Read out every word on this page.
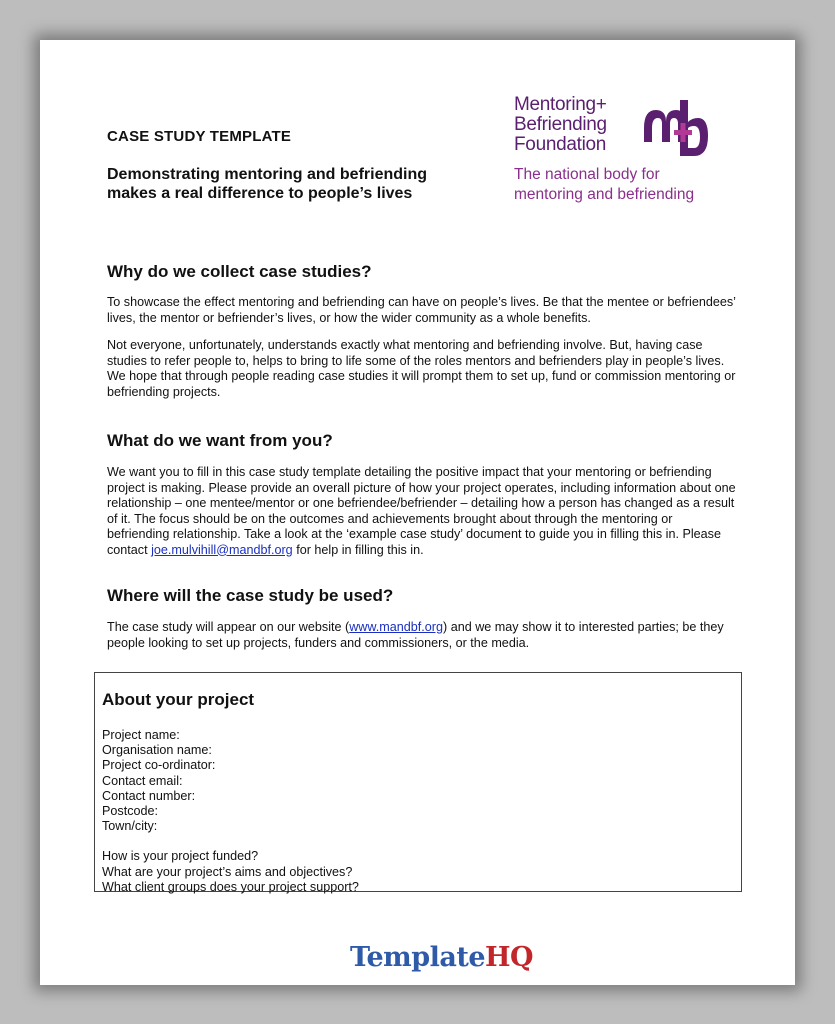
CASE STUDY TEMPLATE
Demonstrating mentoring and befriending makes a real difference to people’s lives
Mentoring+
Befriending
Foundation
The national body for
mentoring and befriending
Why do we collect case studies?

To showcase the effect mentoring and befriending can have on people’s lives. Be that the mentee or befriendees’ lives, the mentor or befriender’s lives, or how the wider community as a whole benefits.

Not everyone, unfortunately, understands exactly what mentoring and befriending involve. But, having case studies to refer people to, helps to bring to life some of the roles mentors and befrienders play in people’s lives. We hope that through people reading case studies it will prompt them to set up, fund or commission mentoring or befriending projects.

What do we want from you?

We want you to fill in this case study template detailing the positive impact that your mentoring or befriending project is making. Please provide an overall picture of how your project operates, including information about one relationship – one mentee/mentor or one befriendee/befriender – detailing how a person has changed as a result of it. The focus should be on the outcomes and achievements brought about through the mentoring or befriending relationship. Take a look at the ‘example case study’ document to guide you in filling this in. Please contact joe.mulvihill@mandbf.org for help in filling this in.

Where will the case study be used?

The case study will appear on our website (www.mandbf.org) and we may show it to interested parties; be they people looking to set up projects, funders and commissioners, or the media.

About your project
Project name:
Organisation name:
Project co-ordinator:
Contact email:
Contact number:
Postcode:
Town/city:
How is your project funded?
What are your project’s aims and objectives?
What client groups does your project support?
TemplateHQ
